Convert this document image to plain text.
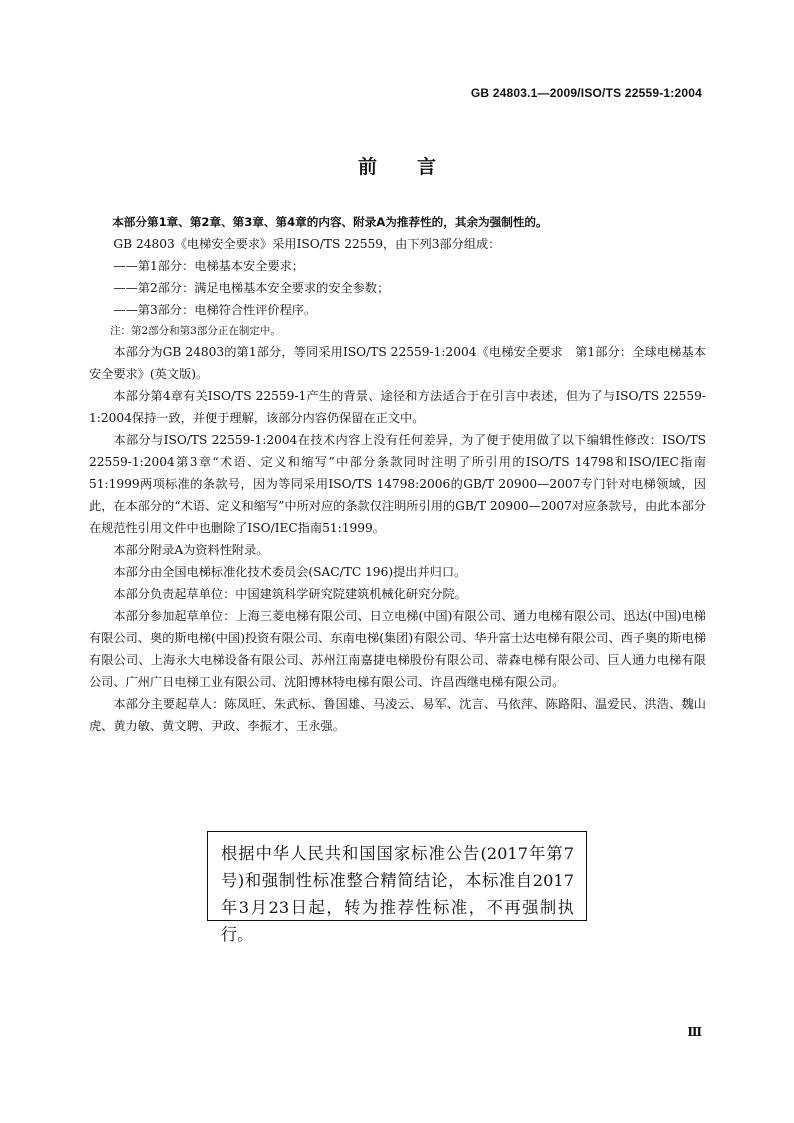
GB 24803.1—2009/ISO/TS 22559-1:2004
前言

本部分第1章、第2章、第3章、第4章的内容、附录A为推荐性的，其余为强制性的。

GB 24803《电梯安全要求》采用ISO/TS 22559，由下列3部分组成：

——第1部分：电梯基本安全要求；

——第2部分：满足电梯基本安全要求的安全参数；

——第3部分：电梯符合性评价程序。

注：第2部分和第3部分正在制定中。

本部分为GB 24803的第1部分，等同采用ISO/TS 22559-1:2004《电梯安全要求　第1部分：全球电梯基本安全要求》(英文版)。

本部分第4章有关ISO/TS 22559-1产生的背景、途径和方法适合于在引言中表述，但为了与ISO/TS 22559-1:2004保持一致，并便于理解，该部分内容仍保留在正文中。

本部分与ISO/TS 22559-1:2004在技术内容上没有任何差异，为了便于使用做了以下编辑性修改：ISO/TS 22559-1:2004第3章“术语、定义和缩写”中部分条款同时注明了所引用的ISO/TS 14798和ISO/IEC指南51:1999两项标准的条款号，因为等同采用ISO/TS 14798:2006的GB/T 20900—2007专门针对电梯领域，因此，在本部分的“术语、定义和缩写”中所对应的条款仅注明所引用的GB/T 20900—2007对应条款号，由此本部分在规范性引用文件中也删除了ISO/IEC指南51:1999。

本部分附录A为资料性附录。

本部分由全国电梯标准化技术委员会(SAC/TC 196)提出并归口。

本部分负责起草单位：中国建筑科学研究院建筑机械化研究分院。

本部分参加起草单位：上海三菱电梯有限公司、日立电梯(中国)有限公司、通力电梯有限公司、迅达(中国)电梯有限公司、奥的斯电梯(中国)投资有限公司、东南电梯(集团)有限公司、华升富士达电梯有限公司、西子奥的斯电梯有限公司、上海永大电梯设备有限公司、苏州江南嘉捷电梯股份有限公司、蒂森电梯有限公司、巨人通力电梯有限公司、广州广日电梯工业有限公司、沈阳博林特电梯有限公司、许昌西继电梯有限公司。

本部分主要起草人：陈凤旺、朱武标、鲁国雄、马凌云、易军、沈言、马依萍、陈路阳、温爱民、洪浩、魏山虎、黄力敏、黄文聘、尹政、李振才、王永强。

根据中华人民共和国国家标准公告(2017年第7号)和强制性标准整合精简结论，本标准自2017年3月23日起，转为推荐性标准，不再强制执行。
Ⅲ
